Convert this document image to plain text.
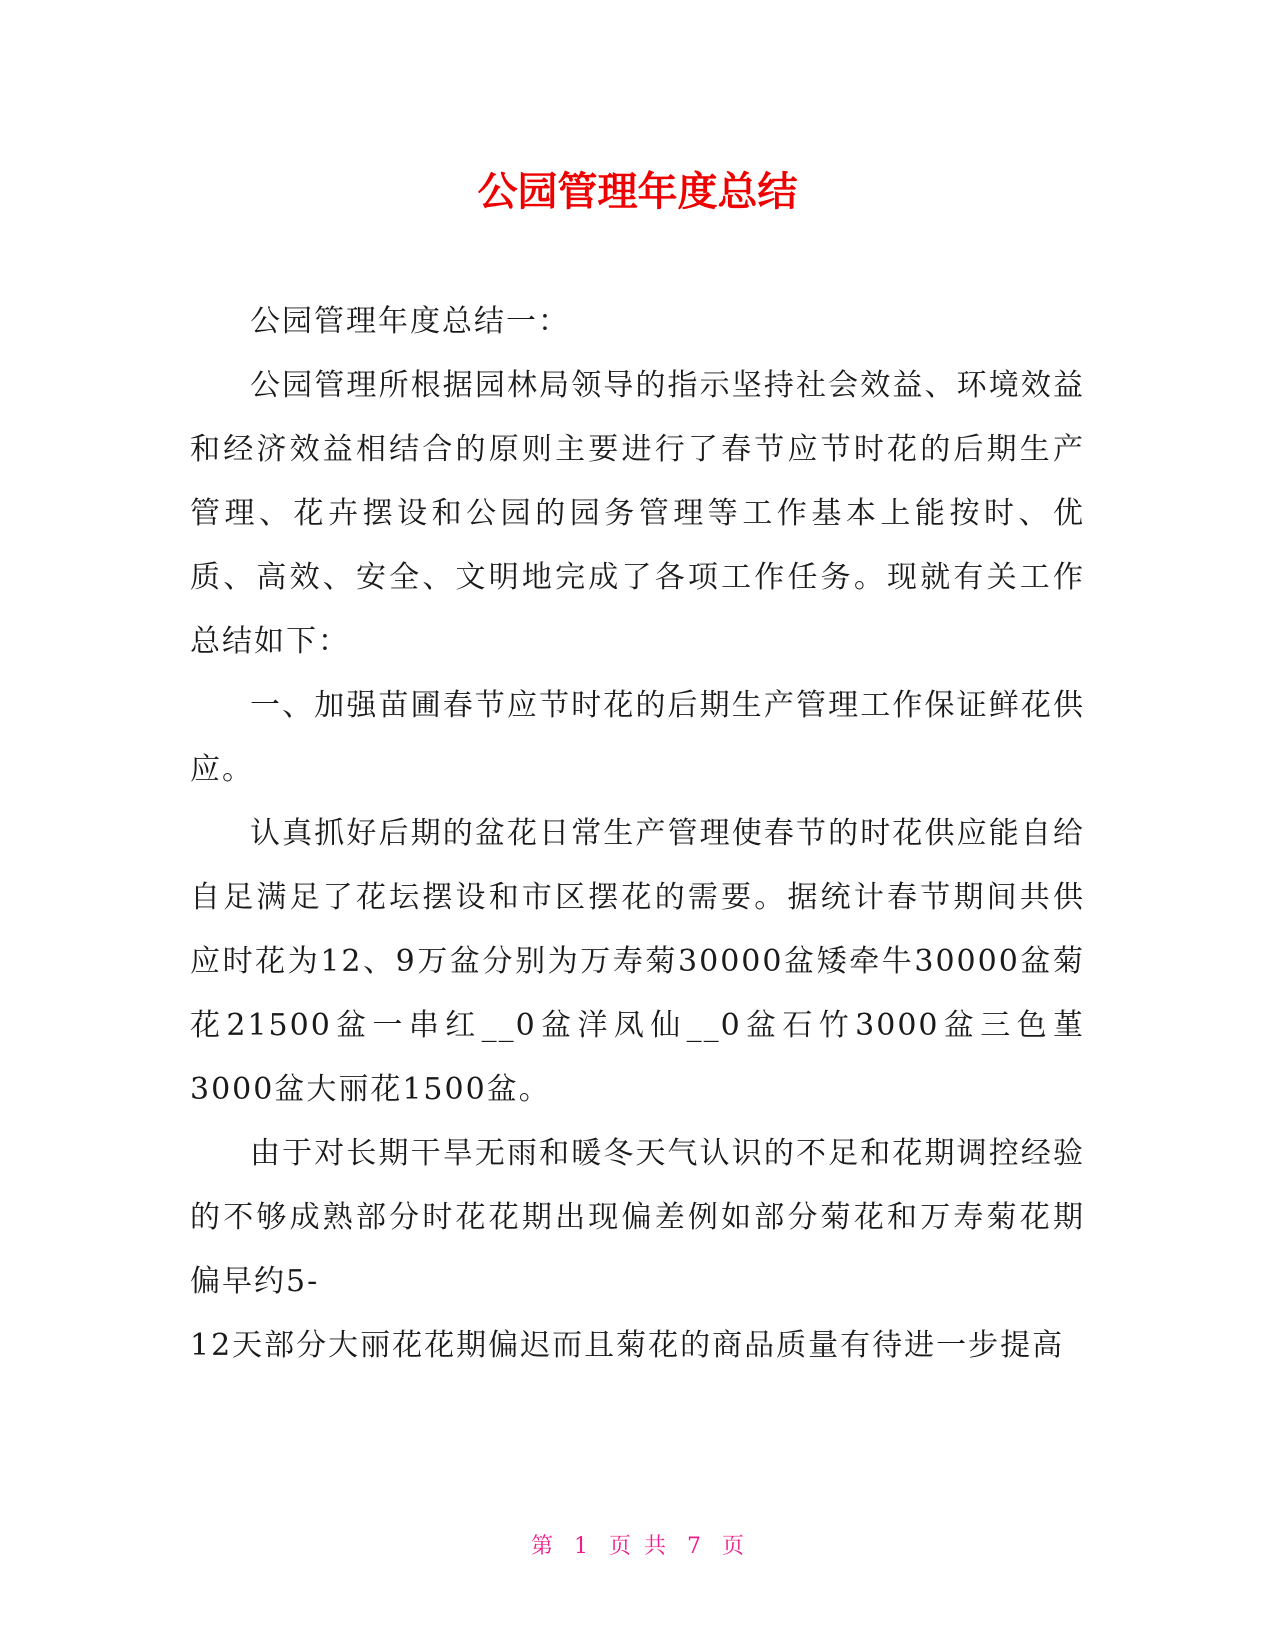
公园管理年度总结

公园管理年度总结一：

公园管理所根据园林局领导的指示坚持社会效益、环境效益和经济效益相结合的原则主要进行了春节应节时花的后期生产管理、花卉摆设和公园的园务管理等工作基本上能按时、优质、高效、安全、文明地完成了各项工作任务。现就有关工作总结如下：

一、加强苗圃春节应节时花的后期生产管理工作保证鲜花供应。

认真抓好后期的盆花日常生产管理使春节的时花供应能自给自足满足了花坛摆设和市区摆花的需要。据统计春节期间共供应时花为12、9万盆分别为万寿菊30000盆矮牵牛30000盆菊花21500盆一串红__0盆洋凤仙__0盆石竹3000盆三色堇3000盆大丽花1500盆。

由于对长期干旱无雨和暖冬天气认识的不足和花期调控经验的不够成熟部分时花花期出现偏差例如部分菊花和万寿菊花期偏早约5-

12天部分大丽花花期偏迟而且菊花的商品质量有待进一步提高

第 1 页 共 7 页
